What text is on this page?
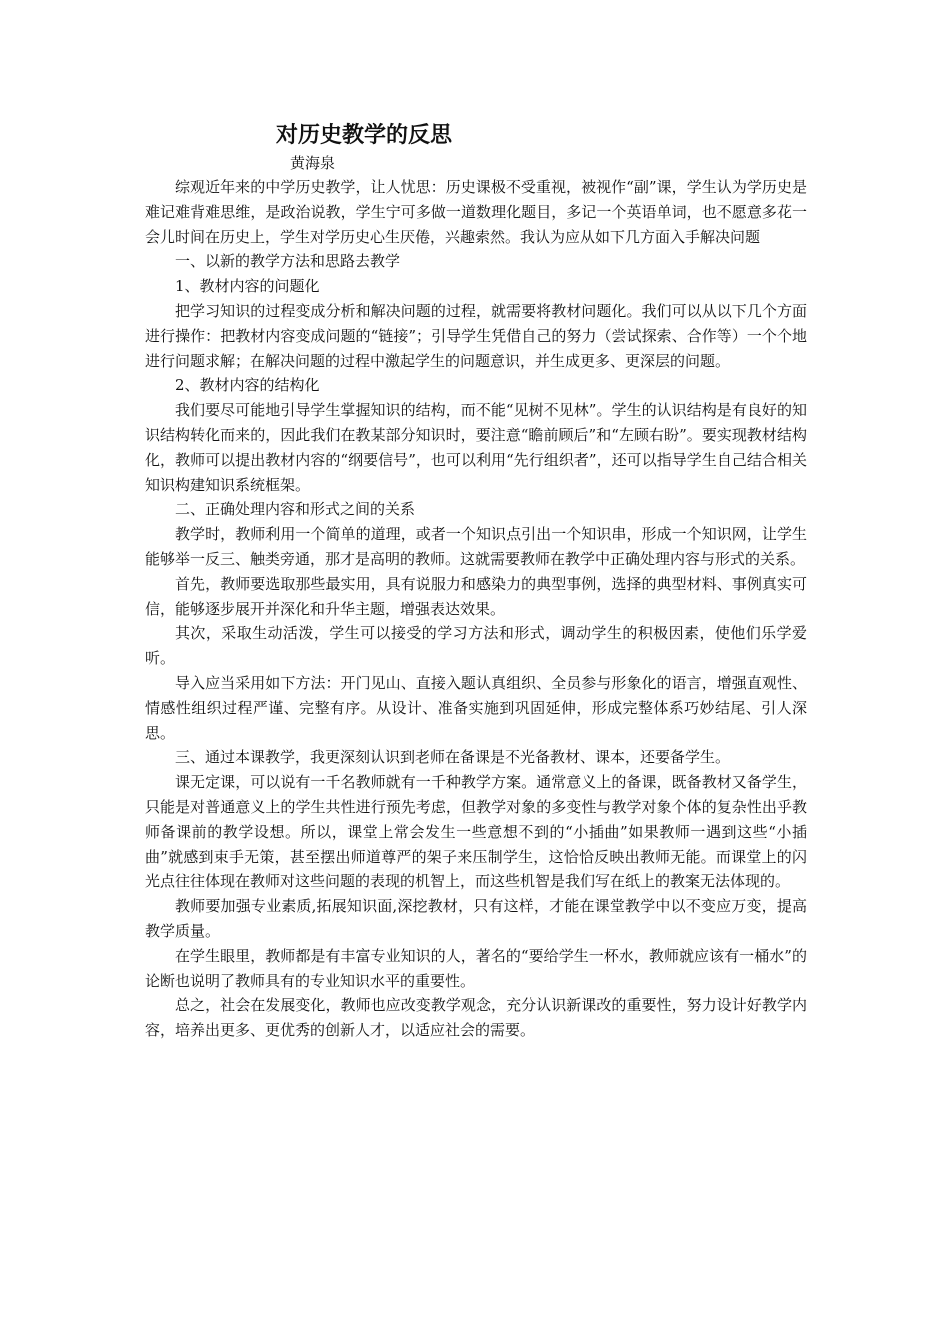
对历史教学的反思
黄海泉

综观近年来的中学历史教学，让人忧思：历史课极不受重视，被视作“副”课，学生认为学历史是难记难背难思维，是政治说教，学生宁可多做一道数理化题目，多记一个英语单词，也不愿意多花一会儿时间在历史上，学生对学历史心生厌倦，兴趣索然。我认为应从如下几方面入手解决问题

一、以新的教学方法和思路去教学

1、教材内容的问题化

把学习知识的过程变成分析和解决问题的过程，就需要将教材问题化。我们可以从以下几个方面进行操作：把教材内容变成问题的“链接”；引导学生凭借自己的努力（尝试探索、合作等）一个个地进行问题求解；在解决问题的过程中激起学生的问题意识，并生成更多、更深层的问题。

2、教材内容的结构化

我们要尽可能地引导学生掌握知识的结构，而不能“见树不见林”。学生的认识结构是有良好的知识结构转化而来的，因此我们在教某部分知识时，要注意“瞻前顾后”和“左顾右盼”。要实现教材结构化，教师可以提出教材内容的“纲要信号”，也可以利用“先行组织者”，还可以指导学生自己结合相关知识构建知识系统框架。

二、正确处理内容和形式之间的关系

教学时，教师利用一个简单的道理，或者一个知识点引出一个知识串，形成一个知识网，让学生能够举一反三、触类旁通，那才是高明的教师。这就需要教师在教学中正确处理内容与形式的关系。

首先，教师要选取那些最实用，具有说服力和感染力的典型事例，选择的典型材料、事例真实可信，能够逐步展开并深化和升华主题，增强表达效果。

其次，采取生动活泼，学生可以接受的学习方法和形式，调动学生的积极因素，使他们乐学爱听。

导入应当采用如下方法：开门见山、直接入题认真组织、全员参与形象化的语言，增强直观性、情感性组织过程严谨、完整有序。从设计、准备实施到巩固延伸，形成完整体系巧妙结尾、引人深思。

三、通过本课教学，我更深刻认识到老师在备课是不光备教材、课本，还要备学生。

课无定课，可以说有一千名教师就有一千种教学方案。通常意义上的备课，既备教材又备学生，只能是对普通意义上的学生共性进行预先考虑，但教学对象的多变性与教学对象个体的复杂性出乎教师备课前的教学设想。所以，课堂上常会发生一些意想不到的“小插曲”如果教师一遇到这些“小插曲”就感到束手无策，甚至摆出师道尊严的架子来压制学生，这恰恰反映出教师无能。而课堂上的闪光点往往体现在教师对这些问题的表现的机智上，而这些机智是我们写在纸上的教案无法体现的。

教师要加强专业素质,拓展知识面,深挖教材，只有这样，才能在课堂教学中以不变应万变，提高教学质量。

在学生眼里，教师都是有丰富专业知识的人，著名的“要给学生一杯水，教师就应该有一桶水”的论断也说明了教师具有的专业知识水平的重要性。

总之，社会在发展变化，教师也应改变教学观念，充分认识新课改的重要性，努力设计好教学内容，培养出更多、更优秀的创新人才，以适应社会的需要。
